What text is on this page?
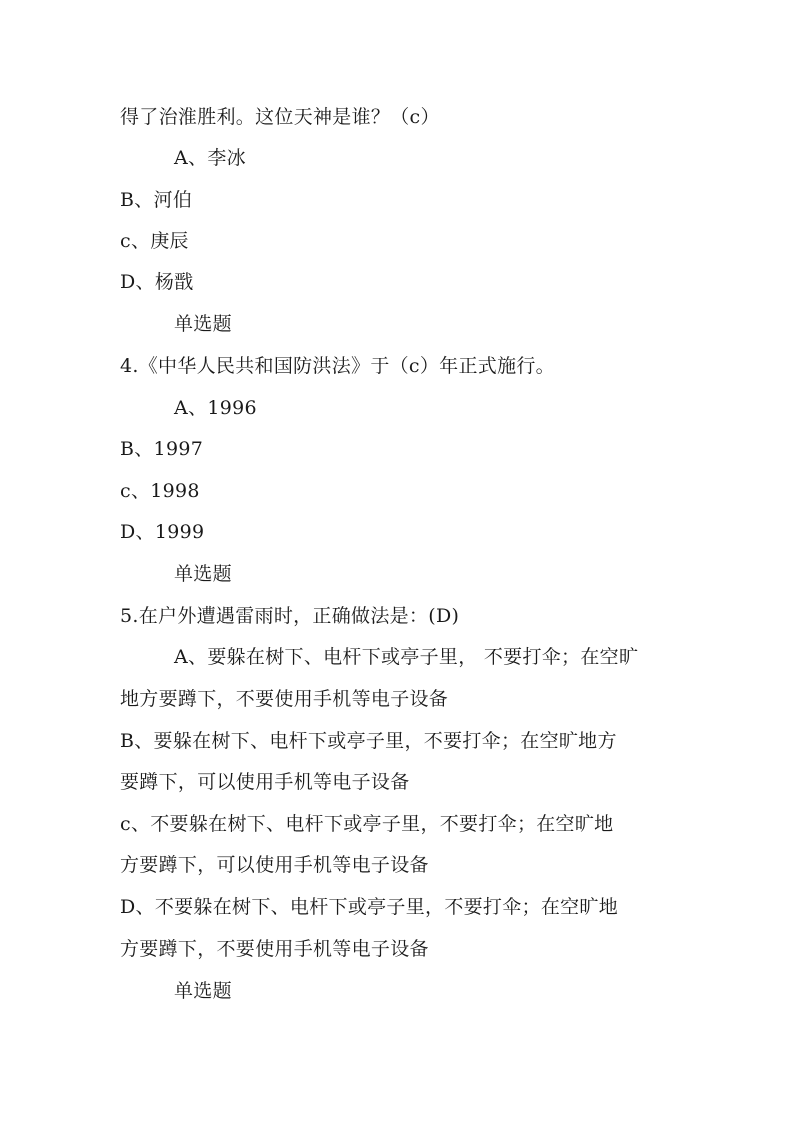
得了治淮胜利。这位天神是谁？（c）
A、李冰
B、河伯
c、庚辰
D、杨戬
单选题
4.《中华人民共和国防洪法》于（c）年正式施行。
A、1996
B、1997
c、1998
D、1999
单选题
5.在户外遭遇雷雨时，正确做法是：(D)
A、要躲在树下、电杆下或亭子里， 不要打伞；在空旷
地方要蹲下，不要使用手机等电子设备
B、要躲在树下、电杆下或亭子里，不要打伞；在空旷地方
要蹲下，可以使用手机等电子设备
c、不要躲在树下、电杆下或亭子里，不要打伞；在空旷地
方要蹲下，可以使用手机等电子设备
D、不要躲在树下、电杆下或亭子里，不要打伞；在空旷地
方要蹲下，不要使用手机等电子设备
单选题
